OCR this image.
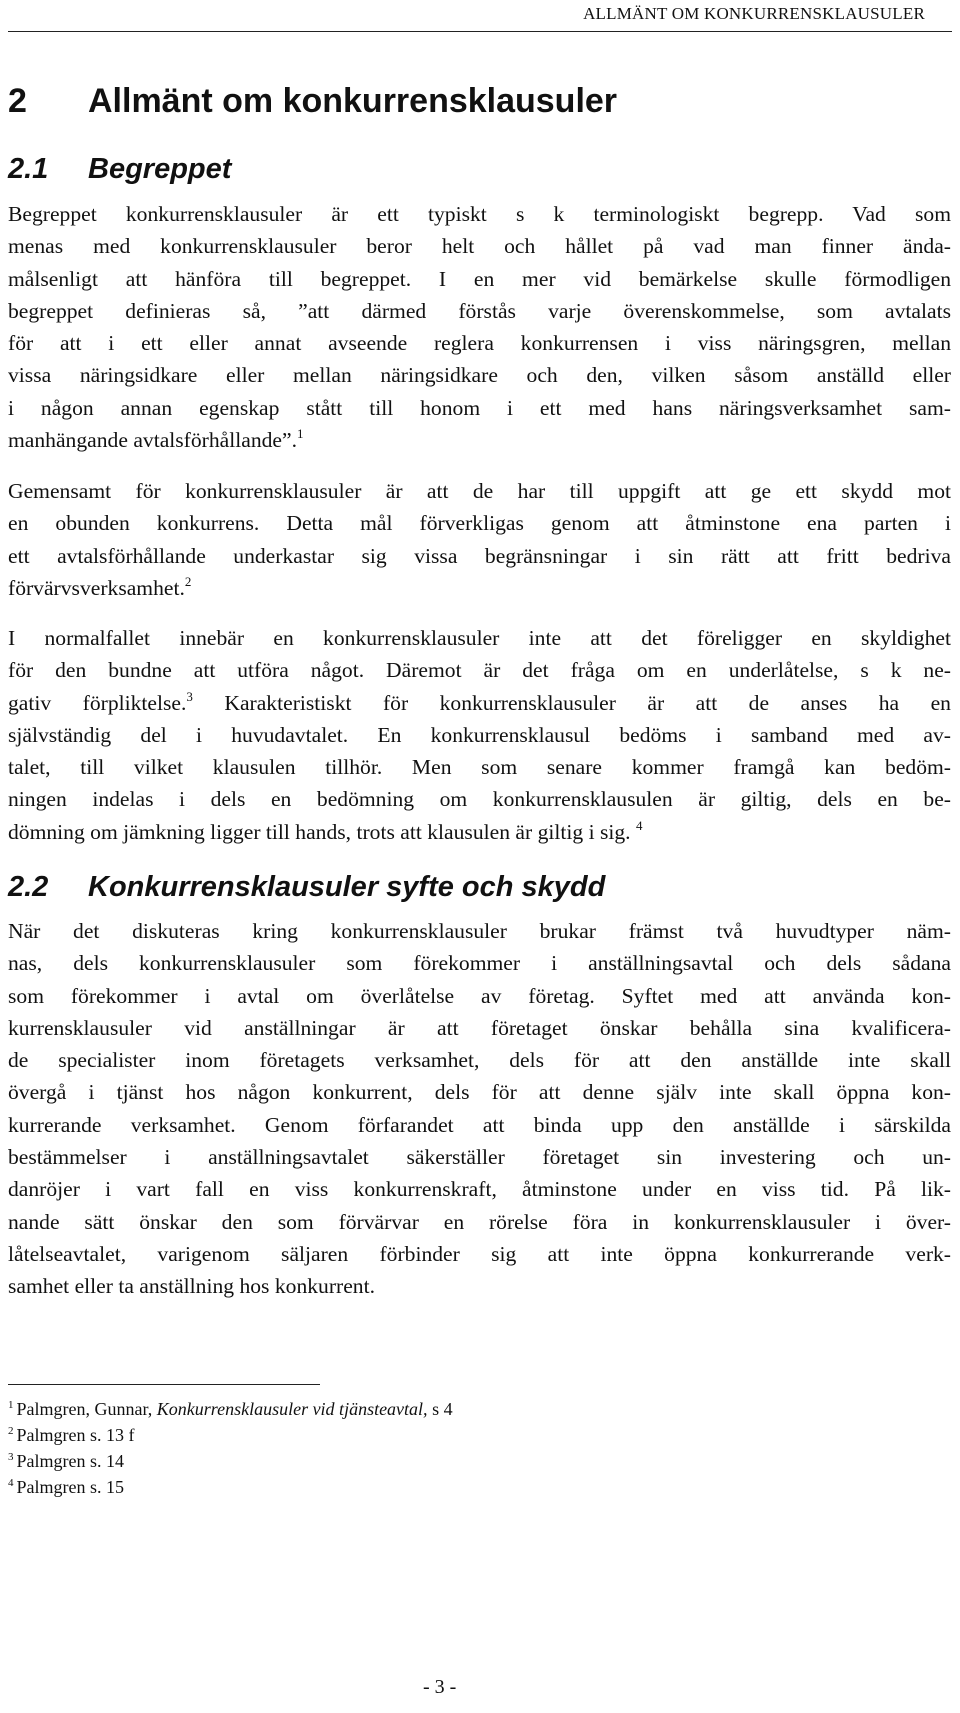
ALLMÄNT OM KONKURRENSKLAUSULER
2 Allmänt om konkurrensklausuler
2.1 Begreppet

Begreppet konkurrensklausuler är ett typiskt s k terminologiskt begrepp. Vad som
menas med konkurrensklausuler beror helt och hållet på vad man finner ända-
målsenligt att hänföra till begreppet. I en mer vid bemärkelse skulle förmodligen
begreppet definieras så, ”att därmed förstås varje överenskommelse, som avtalats
för att i ett eller annat avseende reglera konkurrensen i viss näringsgren, mellan
vissa näringsidkare eller mellan näringsidkare och den, vilken såsom anställd eller
i någon annan egenskap stått till honom i ett med hans näringsverksamhet sam-
manhängande avtalsförhållande”.$^1$

Gemensamt för konkurrensklausuler är att de har till uppgift att ge ett skydd mot
en obunden konkurrens. Detta mål förverkligas genom att åtminstone ena parten i
ett avtalsförhållande underkastar sig vissa begränsningar i sin rätt att fritt bedriva
förvärvsverksamhet.$^2$

I normalfallet innebär en konkurrensklausuler inte att det föreligger en skyldighet
för den bundne att utföra något. Däremot är det fråga om en underlåtelse, s k ne-
gativ förpliktelse.$^3$ Karakteristiskt för konkurrensklausuler är att de anses ha en
självständig del i huvudavtalet. En konkurrensklausul bedöms i samband med av-
talet, till vilket klausulen tillhör. Men som senare kommer framgå kan bedöm-
ningen indelas i dels en bedömning om konkurrensklausulen är giltig, dels en be-
dömning om jämkning ligger till hands, trots att klausulen är giltig i sig. $^4$

2.2 Konkurrensklausuler syfte och skydd

När det diskuteras kring konkurrensklausuler brukar främst två huvudtyper näm-
nas, dels konkurrensklausuler som förekommer i anställningsavtal och dels sådana
som förekommer i avtal om överlåtelse av företag. Syftet med att använda kon-
kurrensklausuler vid anställningar är att företaget önskar behålla sina kvalificera-
de specialister inom företagets verksamhet, dels för att den anställde inte skall
övergå i tjänst hos någon konkurrent, dels för att denne själv inte skall öppna kon-
kurrerande verksamhet. Genom förfarandet att binda upp den anställde i särskilda
bestämmelser i anställningsavtalet säkerställer företaget sin investering och un-
danröjer i vart fall en viss konkurrenskraft, åtminstone under en viss tid. På lik-
nande sätt önskar den som förvärvar en rörelse föra in konkurrensklausuler i över-
låtelseavtalet, varigenom säljaren förbinder sig att inte öppna konkurrerande verk-
samhet eller ta anställning hos konkurrent.

$^1$ Palmgren, Gunnar, Konkurrensklausuler vid tjänsteavtal, s 4
$^2$ Palmgren s. 13 f
$^3$ Palmgren s. 14
$^4$ Palmgren s. 15
- 3 -
